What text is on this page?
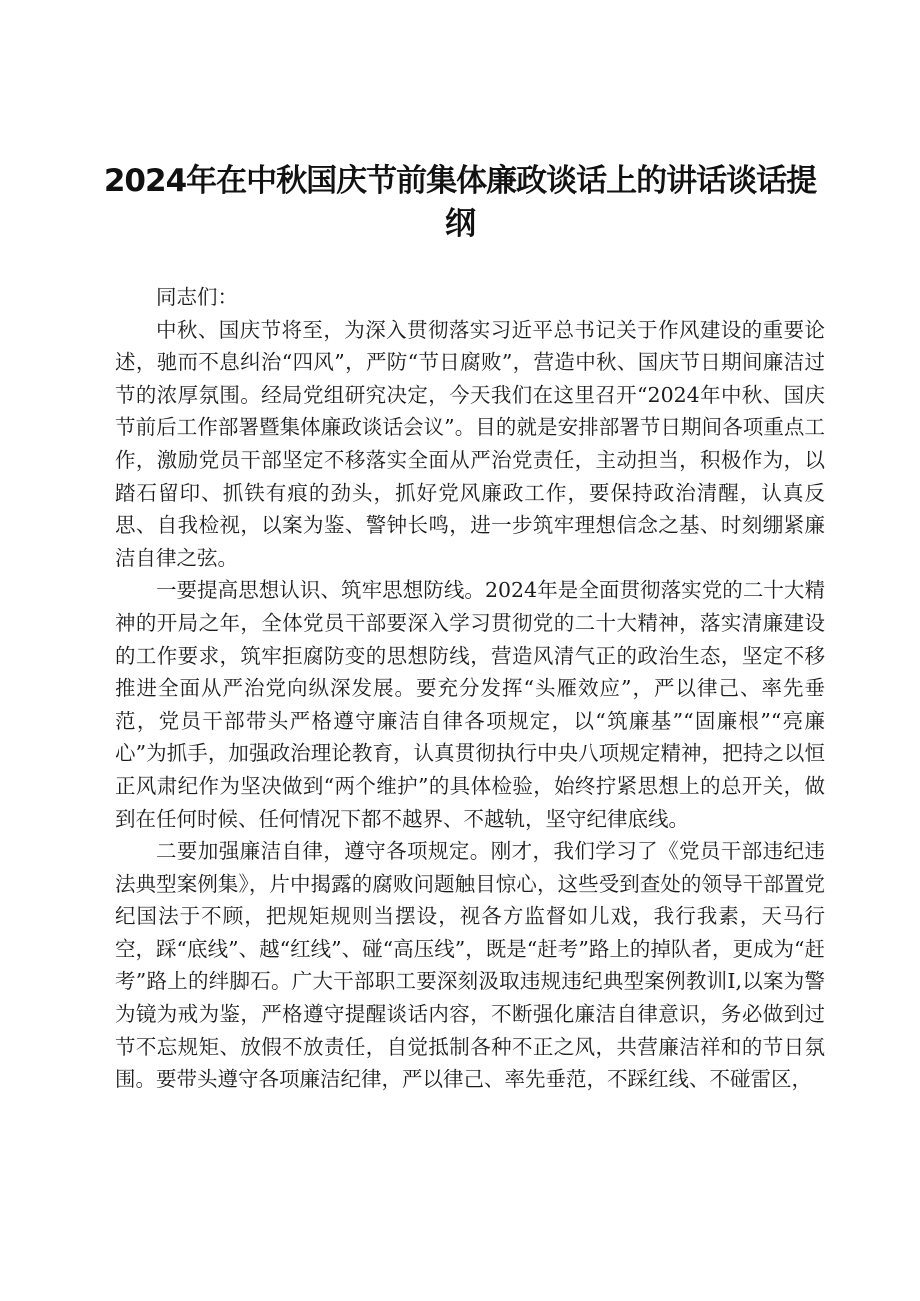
2024年在中秋国庆节前集体廉政谈话上的讲话谈话提纲

同志们：

中秋、国庆节将至，为深入贯彻落实习近平总书记关于作风建设的重要论述，驰而不息纠治“四风”，严防“节日腐败”，营造中秋、国庆节日期间廉洁过节的浓厚氛围。经局党组研究决定，今天我们在这里召开“2024年中秋、国庆节前后工作部署暨集体廉政谈话会议”。目的就是安排部署节日期间各项重点工作，激励党员干部坚定不移落实全面从严治党责任，主动担当，积极作为，以踏石留印、抓铁有痕的劲头，抓好党风廉政工作，要保持政治清醒，认真反思、自我检视，以案为鉴、警钟长鸣，进一步筑牢理想信念之基、时刻绷紧廉洁自律之弦。

一要提高思想认识、筑牢思想防线。2024年是全面贯彻落实党的二十大精神的开局之年，全体党员干部要深入学习贯彻党的二十大精神，落实清廉建设的工作要求，筑牢拒腐防变的思想防线，营造风清气正的政治生态，坚定不移推进全面从严治党向纵深发展。要充分发挥“头雁效应”，严以律己、率先垂范，党员干部带头严格遵守廉洁自律各项规定，以“筑廉基”“固廉根”“亮廉心”为抓手，加强政治理论教育，认真贯彻执行中央八项规定精神，把持之以恒正风肃纪作为坚决做到“两个维护”的具体检验，始终拧紧思想上的总开关，做到在任何时候、任何情况下都不越界、不越轨，坚守纪律底线。

二要加强廉洁自律，遵守各项规定。刚才，我们学习了《党员干部违纪违法典型案例集》，片中揭露的腐败问题触目惊心，这些受到查处的领导干部置党纪国法于不顾，把规矩规则当摆设，视各方监督如儿戏，我行我素，天马行空，踩“底线”、越“红线”、碰“高压线”，既是“赶考”路上的掉队者，更成为“赶考”路上的绊脚石。广大干部职工要深刻汲取违规违纪典型案例教训I,以案为警为镜为戒为鉴，严格遵守提醒谈话内容，不断强化廉洁自律意识，务必做到过节不忘规矩、放假不放责任，自觉抵制各种不正之风，共营廉洁祥和的节日氛围。要带头遵守各项廉洁纪律，严以律己、率先垂范，不踩红线、不碰雷区，
